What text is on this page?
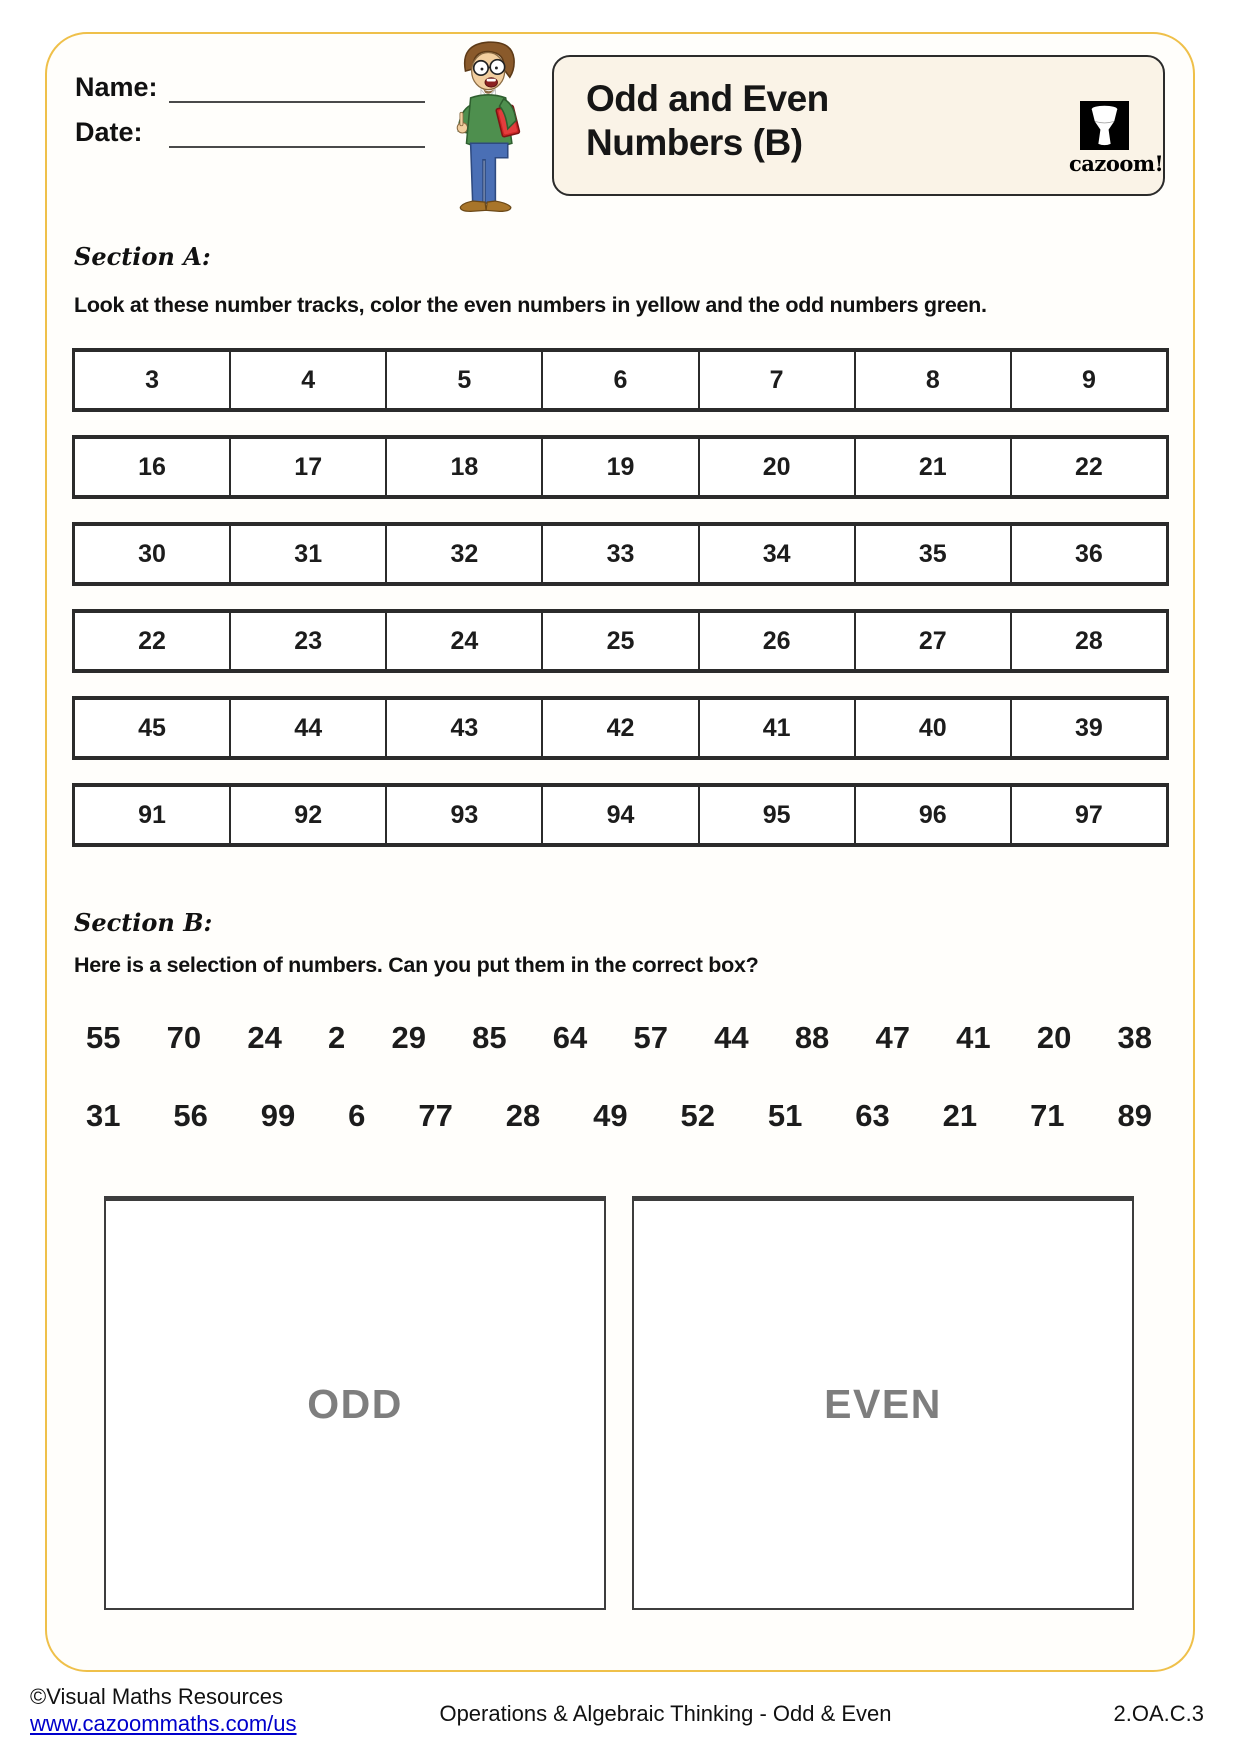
Name:
Date:
Odd and Even
Numbers (B)
cazoom!
Section A:
Look at these number tracks, color the even numbers in yellow and the odd numbers green.
3	4	5	6	7	8	9
16	17	18	19	20	21	22
30	31	32	33	34	35	36
22	23	24	25	26	27	28
45	44	43	42	41	40	39
91	92	93	94	95	96	97
Section B:
Here is a selection of numbers. Can you put them in the correct box?
55 70 24 2 29 85 64 57 44 88 47 41 20 38
31 56 99 6 77 28 49 52 51 63 21 71 89
ODD	EVEN
©Visual Maths Resources
www.cazoommaths.com/us	Operations & Algebraic Thinking - Odd & Even	2.OA.C.3
